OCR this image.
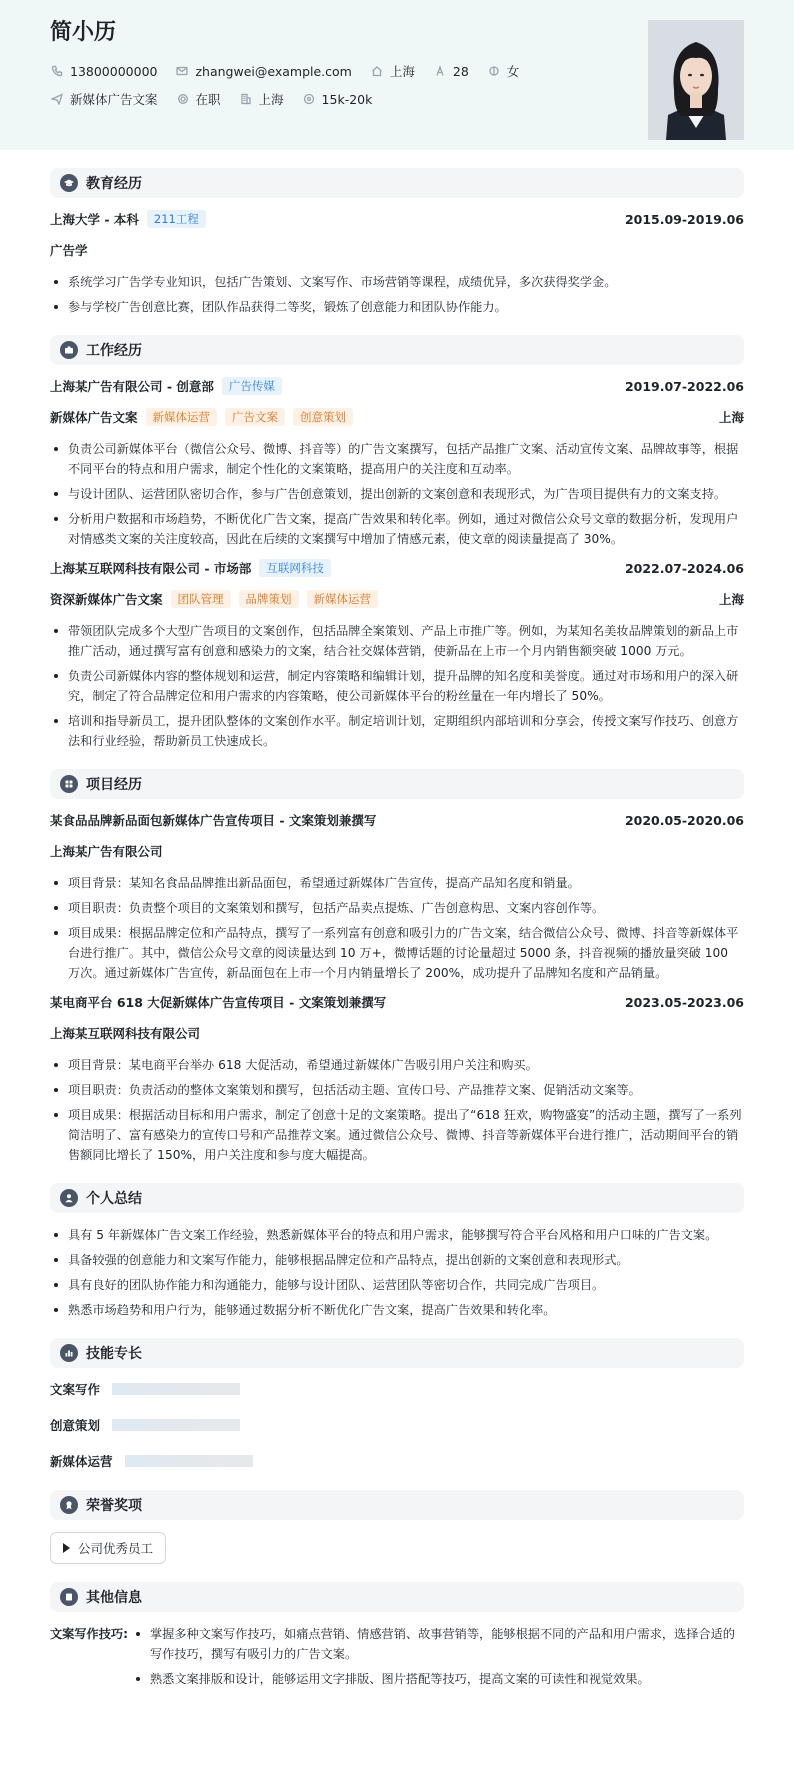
简小历
13800000000	zhangwei@example.com	上海	28	女
新媒体广告文案	在职	上海	15k-20k
教育经历
上海大学 - 本科	211工程	2015.09-2019.06
广告学
系统学习广告学专业知识，包括广告策划、文案写作、市场营销等课程，成绩优异，多次获得奖学金。
参与学校广告创意比赛，团队作品获得二等奖，锻炼了创意能力和团队协作能力。
工作经历
上海某广告有限公司 - 创意部	广告传媒	2019.07-2022.06
新媒体广告文案	新媒体运营	广告文案	创意策划	上海
负责公司新媒体平台（微信公众号、微博、抖音等）的广告文案撰写，包括产品推广文案、活动宣传文案、品牌故事等，根据不同平台的特点和用户需求，制定个性化的文案策略，提高用户的关注度和互动率。
与设计团队、运营团队密切合作，参与广告创意策划，提出创新的文案创意和表现形式，为广告项目提供有力的文案支持。
分析用户数据和市场趋势，不断优化广告文案，提高广告效果和转化率。例如，通过对微信公众号文章的数据分析，发现用户对情感类文案的关注度较高，因此在后续的文案撰写中增加了情感元素，使文章的阅读量提高了 30%。
上海某互联网科技有限公司 - 市场部	互联网科技	2022.07-2024.06
资深新媒体广告文案	团队管理	品牌策划	新媒体运营	上海
带领团队完成多个大型广告项目的文案创作，包括品牌全案策划、产品上市推广等。例如，为某知名美妆品牌策划的新品上市推广活动，通过撰写富有创意和感染力的文案，结合社交媒体营销，使新品在上市一个月内销售额突破 1000 万元。
负责公司新媒体内容的整体规划和运营，制定内容策略和编辑计划，提升品牌的知名度和美誉度。通过对市场和用户的深入研究，制定了符合品牌定位和用户需求的内容策略，使公司新媒体平台的粉丝量在一年内增长了 50%。
培训和指导新员工，提升团队整体的文案创作水平。制定培训计划，定期组织内部培训和分享会，传授文案写作技巧、创意方法和行业经验，帮助新员工快速成长。
项目经历
某食品品牌新品面包新媒体广告宣传项目 - 文案策划兼撰写	2020.05-2020.06
上海某广告有限公司
项目背景：某知名食品品牌推出新品面包，希望通过新媒体广告宣传，提高产品知名度和销量。
项目职责：负责整个项目的文案策划和撰写，包括产品卖点提炼、广告创意构思、文案内容创作等。
项目成果：根据品牌定位和产品特点，撰写了一系列富有创意和吸引力的广告文案，结合微信公众号、微博、抖音等新媒体平台进行推广。其中，微信公众号文章的阅读量达到 10 万+，微博话题的讨论量超过 5000 条，抖音视频的播放量突破 100 万次。通过新媒体广告宣传，新品面包在上市一个月内销量增长了 200%，成功提升了品牌知名度和产品销量。
某电商平台 618 大促新媒体广告宣传项目 - 文案策划兼撰写	2023.05-2023.06
上海某互联网科技有限公司
项目背景：某电商平台举办 618 大促活动，希望通过新媒体广告吸引用户关注和购买。
项目职责：负责活动的整体文案策划和撰写，包括活动主题、宣传口号、产品推荐文案、促销活动文案等。
项目成果：根据活动目标和用户需求，制定了创意十足的文案策略。提出了“618 狂欢，购物盛宴”的活动主题，撰写了一系列简洁明了、富有感染力的宣传口号和产品推荐文案。通过微信公众号、微博、抖音等新媒体平台进行推广，活动期间平台的销售额同比增长了 150%，用户关注度和参与度大幅提高。
个人总结
具有 5 年新媒体广告文案工作经验，熟悉新媒体平台的特点和用户需求，能够撰写符合平台风格和用户口味的广告文案。
具备较强的创意能力和文案写作能力，能够根据品牌定位和产品特点，提出创新的文案创意和表现形式。
具有良好的团队协作能力和沟通能力，能够与设计团队、运营团队等密切合作，共同完成广告项目。
熟悉市场趋势和用户行为，能够通过数据分析不断优化广告文案，提高广告效果和转化率。
技能专长
文案写作
创意策划
新媒体运营
荣誉奖项
公司优秀员工
其他信息
文案写作技巧:	掌握多种文案写作技巧，如痛点营销、情感营销、故事营销等，能够根据不同的产品和用户需求，选择合适的写作技巧，撰写有吸引力的广告文案。
熟悉文案排版和设计，能够运用文字排版、图片搭配等技巧，提高文案的可读性和视觉效果。
